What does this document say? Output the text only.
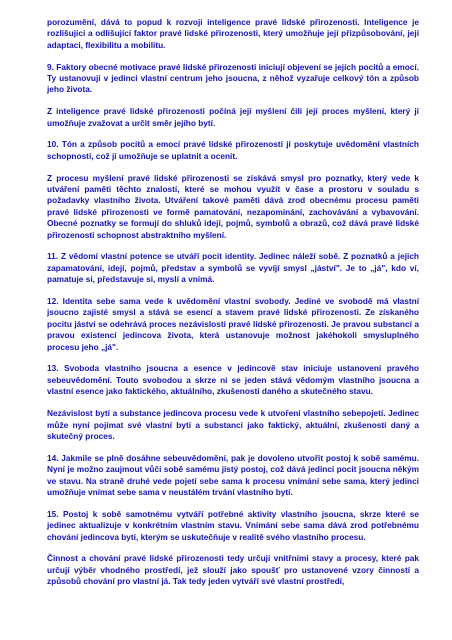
porozumění, dává to popud k rozvoji inteligence pravé lidské přirozenosti. Inteligence je rozlišující a odlišující faktor pravé lidské přirozenosti, který umožňuje její přizpůsobování, její adaptaci, flexibilitu a mobilitu.

9. Faktory obecné motivace pravé lidské přirozenosti iniciují objevení se jejích pocitů a emocí. Ty ustanovují v jedinci vlastní centrum jeho jsoucna, z něhož vyzařuje celkový tón a způsob jeho života.

Z inteligence pravé lidské přirozenosti počíná její myšlení čili její proces myšlení, který jí umožňuje zvažovat a určit směr jejího bytí.

10. Tón a způsob pocitů a emocí pravé lidské přirozenosti jí poskytuje uvědomění vlastních schopností, což jí umožňuje se uplatnit a ocenit.

Z procesu myšlení pravé lidské přirozenosti se získává smysl pro poznatky, který vede k utváření paměti těchto znalostí, které se mohou využít v čase a prostoru v souladu s požadavky vlastního života. Utváření takové paměti dává zrod obecnému procesu paměti pravé lidské přirozenosti ve formě pamatování, nezapomínání, zachovávání a vybavování. Obecné poznatky se formují do shluků idejí, pojmů, symbolů a obrazů, což dává pravé lidské přirozenosti schopnost abstraktního myšlení.

11. Z vědomí vlastní potence se utváří pocit identity. Jedinec náleží sobě. Z poznatků a jejich zapamatování, idejí, pojmů, představ a symbolů se vyvíjí smysl „jáství". Je to „já", kdo ví, pamatuje si, představuje si, myslí a vnímá.

12. Identita sebe sama vede k uvědomění vlastní svobody. Jediné ve svobodě má vlastní jsoucno zajisté smysl a stává se esencí a stavem pravé lidské přirozenosti. Ze získaného pocitu jáství se odehrává proces nezávislosti pravé lidské přirozenosti. Je pravou substancí a pravou existencí jedincova života, která ustanovuje možnost jakéhokoli smysluplného procesu jeho „já".

13. Svoboda vlastního jsoucna a esence v jedincově stav iniciuje ustanovení pravého sebeuvědomění. Touto svobodou a skrze ni se jeden stává vědomým vlastního jsoucna a vlastní esence jako faktického, aktuálního, zkušenosti daného a skutečného stavu.

Nezávislost bytí a substance jedincova procesu vede k utvoření vlastního sebepojetí. Jedinec může nyní pojímat své vlastní bytí a substanci jako faktický, aktuální, zkušeností daný a skutečný proces.

14. Jakmile se plně dosáhne sebeuvědomění, pak je dovoleno utvořit postoj k sobě samému. Nyní je možno zaujmout vůči sobě samému jistý postoj, což dává jedinci pocit jsoucna někým ve stavu. Na straně druhé vede pojetí sebe sama k procesu vnímání sebe sama, který jedinci umožňuje vnímat sebe sama v neustálém trvání vlastního bytí.

15. Postoj k sobě samotnému vytváří potřebné aktivity vlastního jsoucna, skrze které se jedinec aktualizuje v konkrétním vlastním stavu. Vnímání sebe sama dává zrod potřebnému chování jedincova bytí, kterým se uskutečňuje v realitě svého vlastního procesu.

Činnost a chování pravé lidské přirozenosti tedy určují vnitřními stavy a procesy, které pak určují výběr vhodného prostředí, jež slouží jako spoušť pro ustanovené vzory činností a způsobů chování pro vlastní já. Tak tedy jeden vytváří své vlastní prostředí,
